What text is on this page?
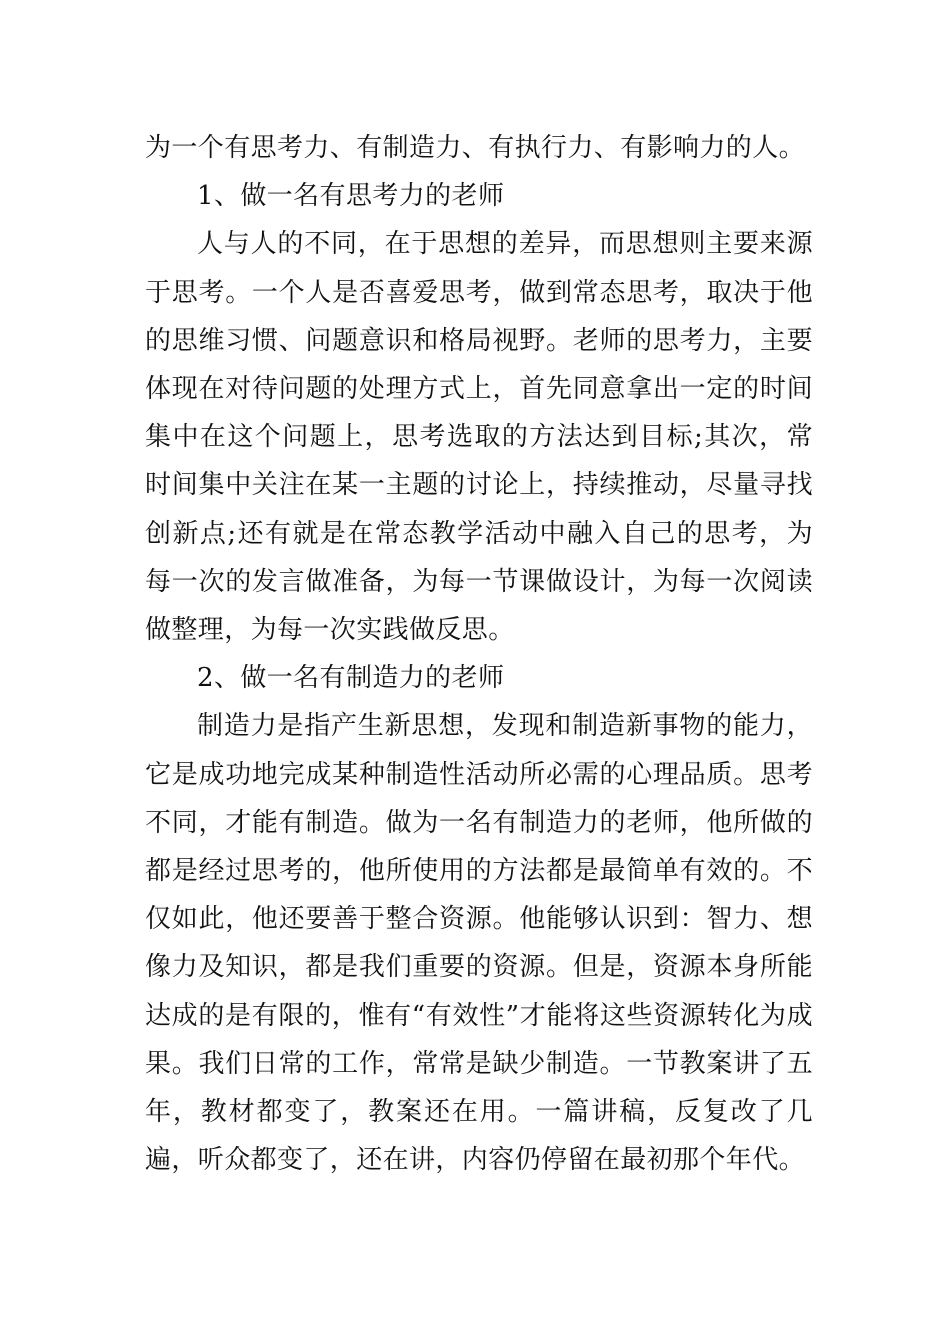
为一个有思考力、有制造力、有执行力、有影响力的人。

1、做一名有思考力的老师

人与人的不同，在于思想的差异，而思想则主要来源于思考。一个人是否喜爱思考，做到常态思考，取决于他的思维习惯、问题意识和格局视野。老师的思考力，主要体现在对待问题的处理方式上，首先同意拿出一定的时间集中在这个问题上，思考选取的方法达到目标;其次，常时间集中关注在某一主题的讨论上，持续推动，尽量寻找创新点;还有就是在常态教学活动中融入自己的思考，为每一次的发言做准备，为每一节课做设计，为每一次阅读做整理，为每一次实践做反思。

2、做一名有制造力的老师

制造力是指产生新思想，发现和制造新事物的能力，它是成功地完成某种制造性活动所必需的心理品质。思考不同，才能有制造。做为一名有制造力的老师，他所做的都是经过思考的，他所使用的方法都是最简单有效的。不仅如此，他还要善于整合资源。他能够认识到：智力、想像力及知识，都是我们重要的资源。但是，资源本身所能达成的是有限的，惟有“有效性”才能将这些资源转化为成果。我们日常的工作，常常是缺少制造。一节教案讲了五年，教材都变了，教案还在用。一篇讲稿，反复改了几遍，听众都变了，还在讲，内容仍停留在最初那个年代。
